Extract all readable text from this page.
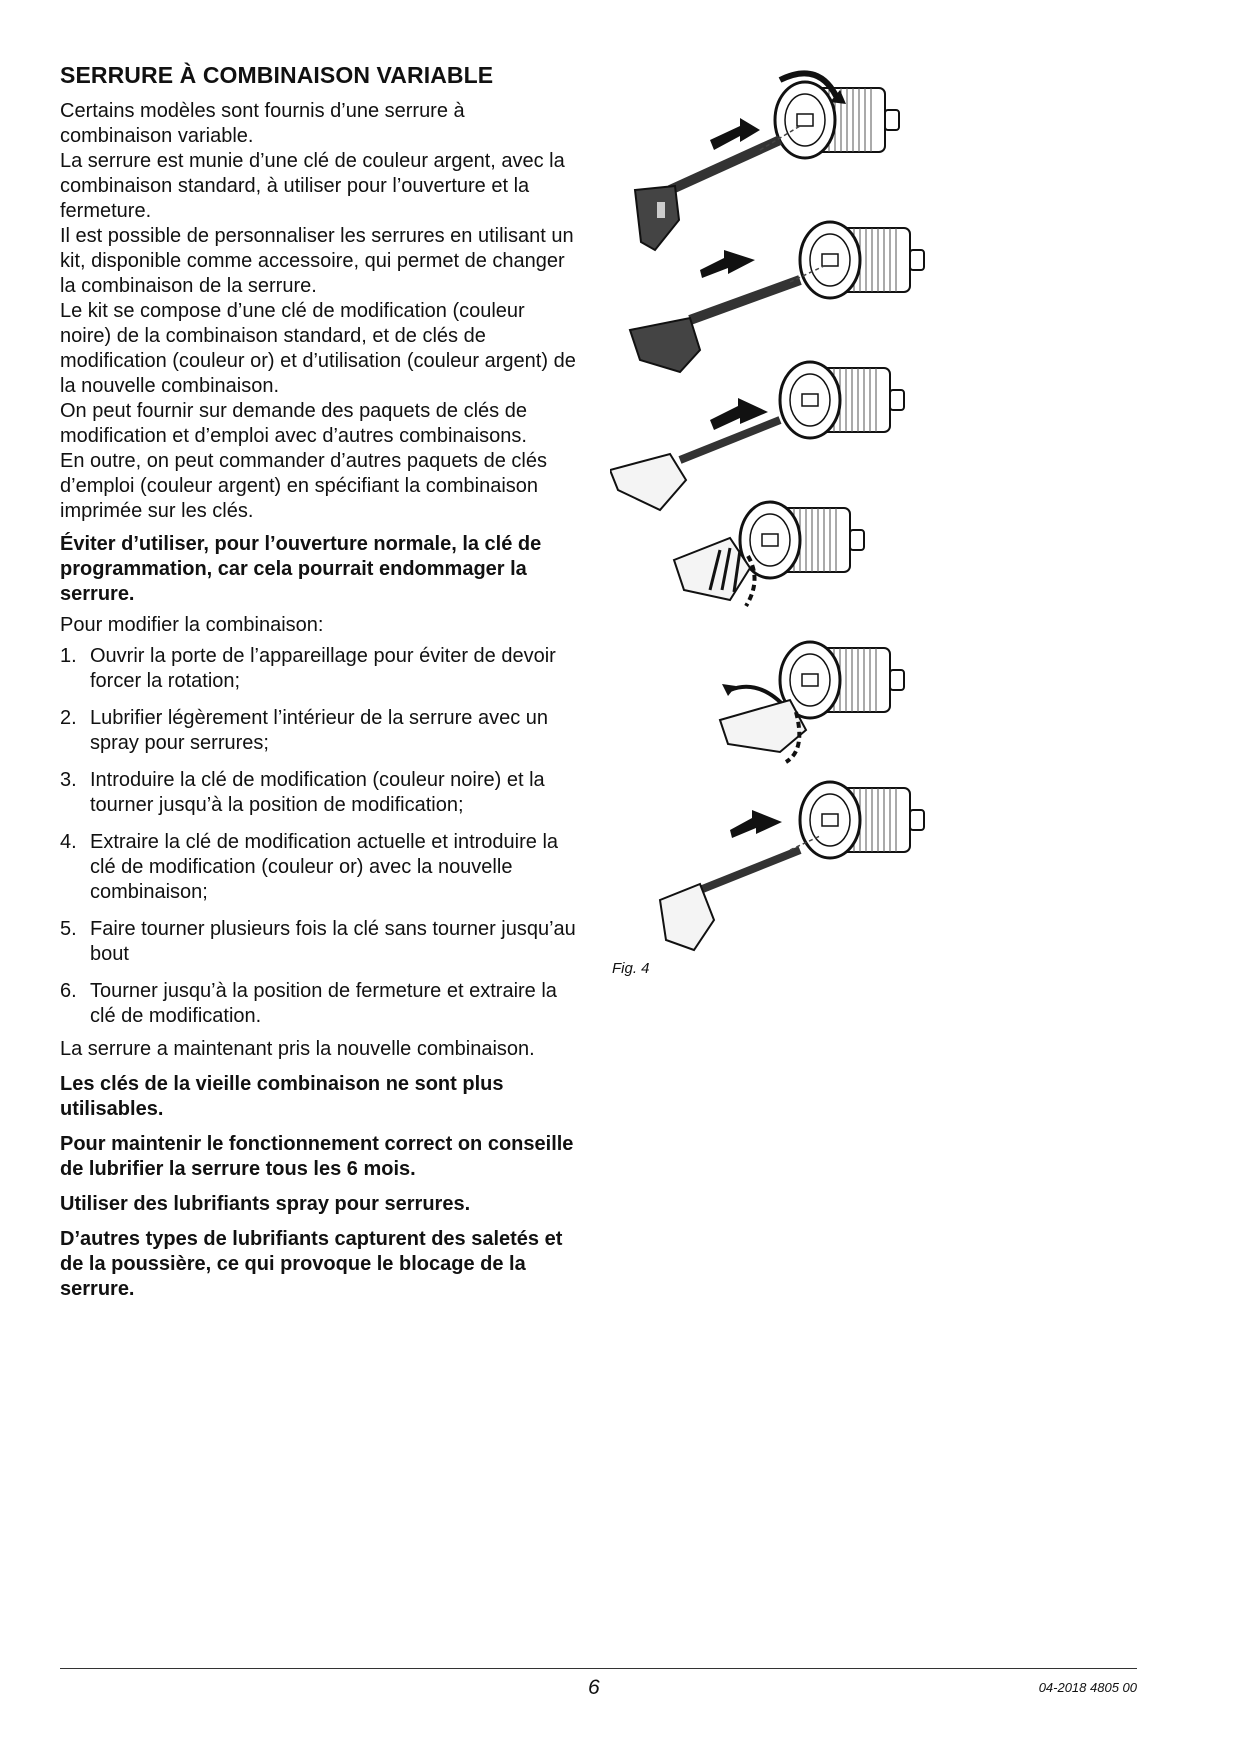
SERRURE À COMBINAISON VARIABLE

Certains modèles sont fournis d’une serrure à combinaison variable.

La serrure est munie d’une clé de couleur argent, avec la combinaison standard, à utiliser pour l’ouverture et la fermeture.

Il est possible de personnaliser les serrures en utilisant un kit, disponible comme accessoire, qui permet de changer la combinaison de la serrure.

Le kit se compose d’une clé de modification (couleur noire) de la combinaison standard, et de clés de modification (couleur or) et d’utilisation (couleur argent) de la nouvelle combinaison.

On peut fournir sur demande des paquets de clés de modification et d’emploi avec d’autres combinaisons.

En outre, on peut commander d’autres paquets de clés d’emploi (couleur argent) en spécifiant la combinaison imprimée sur les clés.

Éviter d’utiliser, pour l’ouverture normale, la clé de programmation, car cela pourrait endommager la serrure.

Pour modifier la combinaison:

1. Ouvrir la porte de l’appareillage pour éviter de devoir forcer la rotation;
2. Lubrifier légèrement l’intérieur de la serrure avec un spray pour serrures;
3. Introduire la clé de modification (couleur noire) et la tourner jusqu’à la position de modification;
4. Extraire la clé de modification actuelle et introduire la clé de modification (couleur or) avec la nouvelle combinaison;
5. Faire tourner plusieurs fois la clé sans tourner jusqu’au bout
6. Tourner jusqu’à la position de fermeture et extraire la clé de modification.

La serrure a maintenant pris la nouvelle combinaison.

Les clés de la vieille combinaison ne sont plus utilisables.

Pour maintenir le fonctionnement correct on conseille de lubrifier la serrure tous les 6 mois.

Utiliser des lubrifiants spray pour serrures.

D’autres types de lubrifiants capturent des saletés et de la poussière, ce qui provoque le blocage de la serrure.

Fig. 4
6	04-2018 4805 00
